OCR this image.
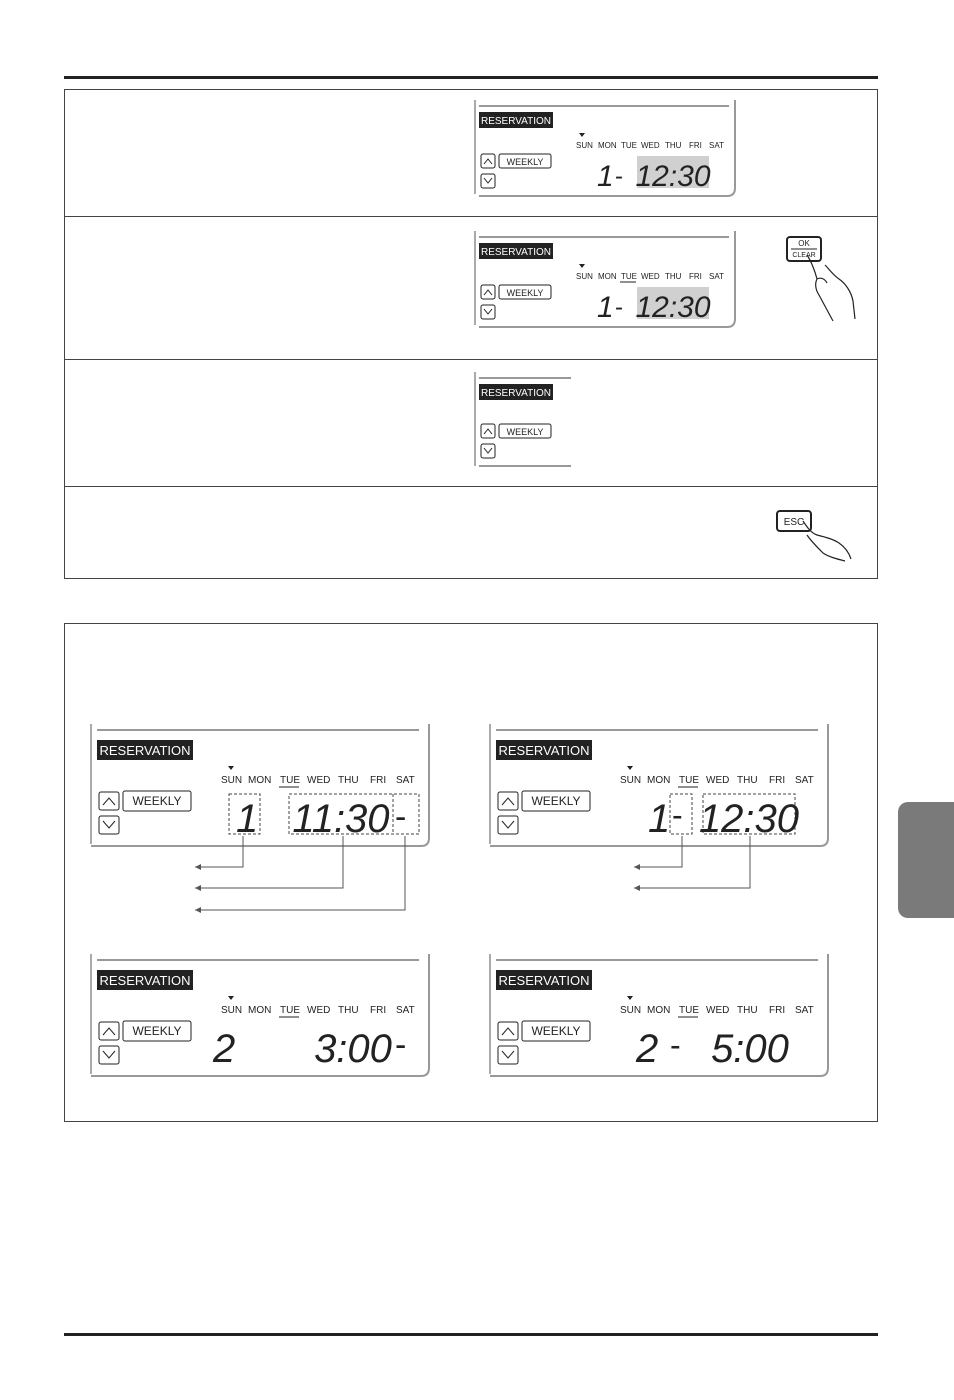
RESERVATION
SUN MON TUE WED THU FRI SAT
WEEKLY 1 - 12:30
RESERVATION
SUN MON TUE WED THU FRI SAT
WEEKLY 1 - 12:30
OK
CLEAR
RESERVATION
WEEKLY
ESC
RESERVATION
SUN MON TUE WED THU FRI SAT
WEEKLY 1 11:30 -
RESERVATION
SUN MON TUE WED THU FRI SAT
WEEKLY 1 - 12:30
RESERVATION
SUN MON TUE WED THU FRI SAT
WEEKLY 2 3:00 -
RESERVATION
SUN MON TUE WED THU FRI SAT
WEEKLY 2 - 5:00
